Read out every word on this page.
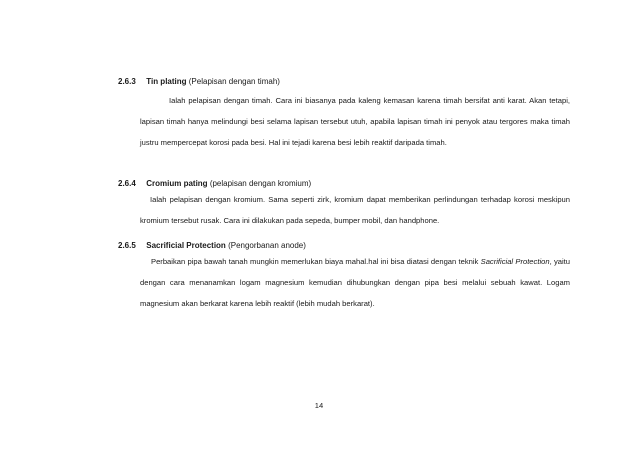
2.6.3 Tin plating (Pelapisan dengan timah)
Ialah pelapisan dengan timah. Cara ini biasanya pada kaleng kemasan karena timah bersifat anti karat. Akan tetapi, lapisan timah hanya melindungi besi selama lapisan tersebut utuh, apabila lapisan timah ini penyok atau tergores maka timah justru mempercepat korosi pada besi. Hal ini tejadi karena besi lebih reaktif daripada timah.
2.6.4 Cromium pating (pelapisan dengan kromium)
Ialah pelapisan dengan kromium. Sama seperti zirk, kromium dapat memberikan perlindungan terhadap korosi meskipun kromium tersebut rusak. Cara ini dilakukan pada sepeda, bumper mobil, dan handphone.
2.6.5 Sacrificial Protection (Pengorbanan anode)
Perbaikan pipa bawah tanah mungkin memerlukan biaya mahal.hal ini bisa diatasi dengan teknik Sacrificial Protection, yaitu dengan cara menanamkan logam magnesium kemudian dihubungkan dengan pipa besi melalui sebuah kawat. Logam magnesium akan berkarat karena lebih reaktif (lebih mudah berkarat).
14
